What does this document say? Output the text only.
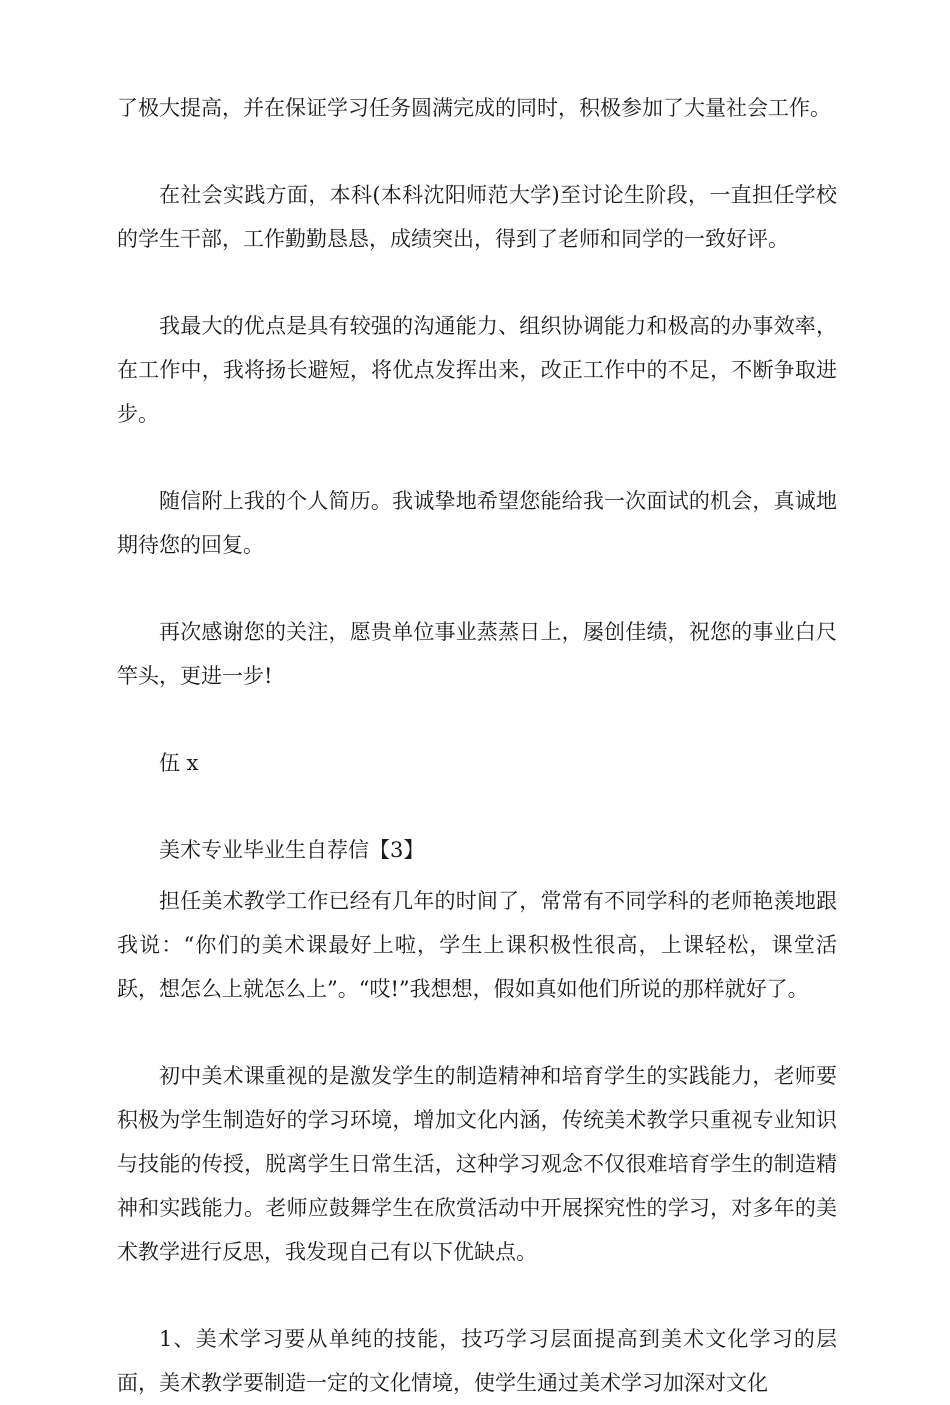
了极大提高，并在保证学习任务圆满完成的同时，积极参加了大量社会工作。

在社会实践方面，本科(本科沈阳师范大学)至讨论生阶段，一直担任学校的学生干部，工作勤勤恳恳，成绩突出，得到了老师和同学的一致好评。

我最大的优点是具有较强的沟通能力、组织协调能力和极高的办事效率，在工作中，我将扬长避短，将优点发挥出来，改正工作中的不足，不断争取进步。

随信附上我的个人简历。我诚挚地希望您能给我一次面试的机会，真诚地期待您的回复。

再次感谢您的关注，愿贵单位事业蒸蒸日上，屡创佳绩，祝您的事业白尺竿头，更进一步!

伍 x

美术专业毕业生自荐信【3】

担任美术教学工作已经有几年的时间了，常常有不同学科的老师艳羡地跟我说：“你们的美术课最好上啦，学生上课积极性很高，上课轻松，课堂活跃，想怎么上就怎么上”。“哎!”我想想，假如真如他们所说的那样就好了。

初中美术课重视的是激发学生的制造精神和培育学生的实践能力，老师要积极为学生制造好的学习环境，增加文化内涵，传统美术教学只重视专业知识与技能的传授，脱离学生日常生活，这种学习观念不仅很难培育学生的制造精神和实践能力。老师应鼓舞学生在欣赏活动中开展探究性的学习，对多年的美术教学进行反思，我发现自己有以下优缺点。

1、美术学习要从单纯的技能，技巧学习层面提高到美术文化学习的层面，美术教学要制造一定的文化情境，使学生通过美术学习加深对文化
